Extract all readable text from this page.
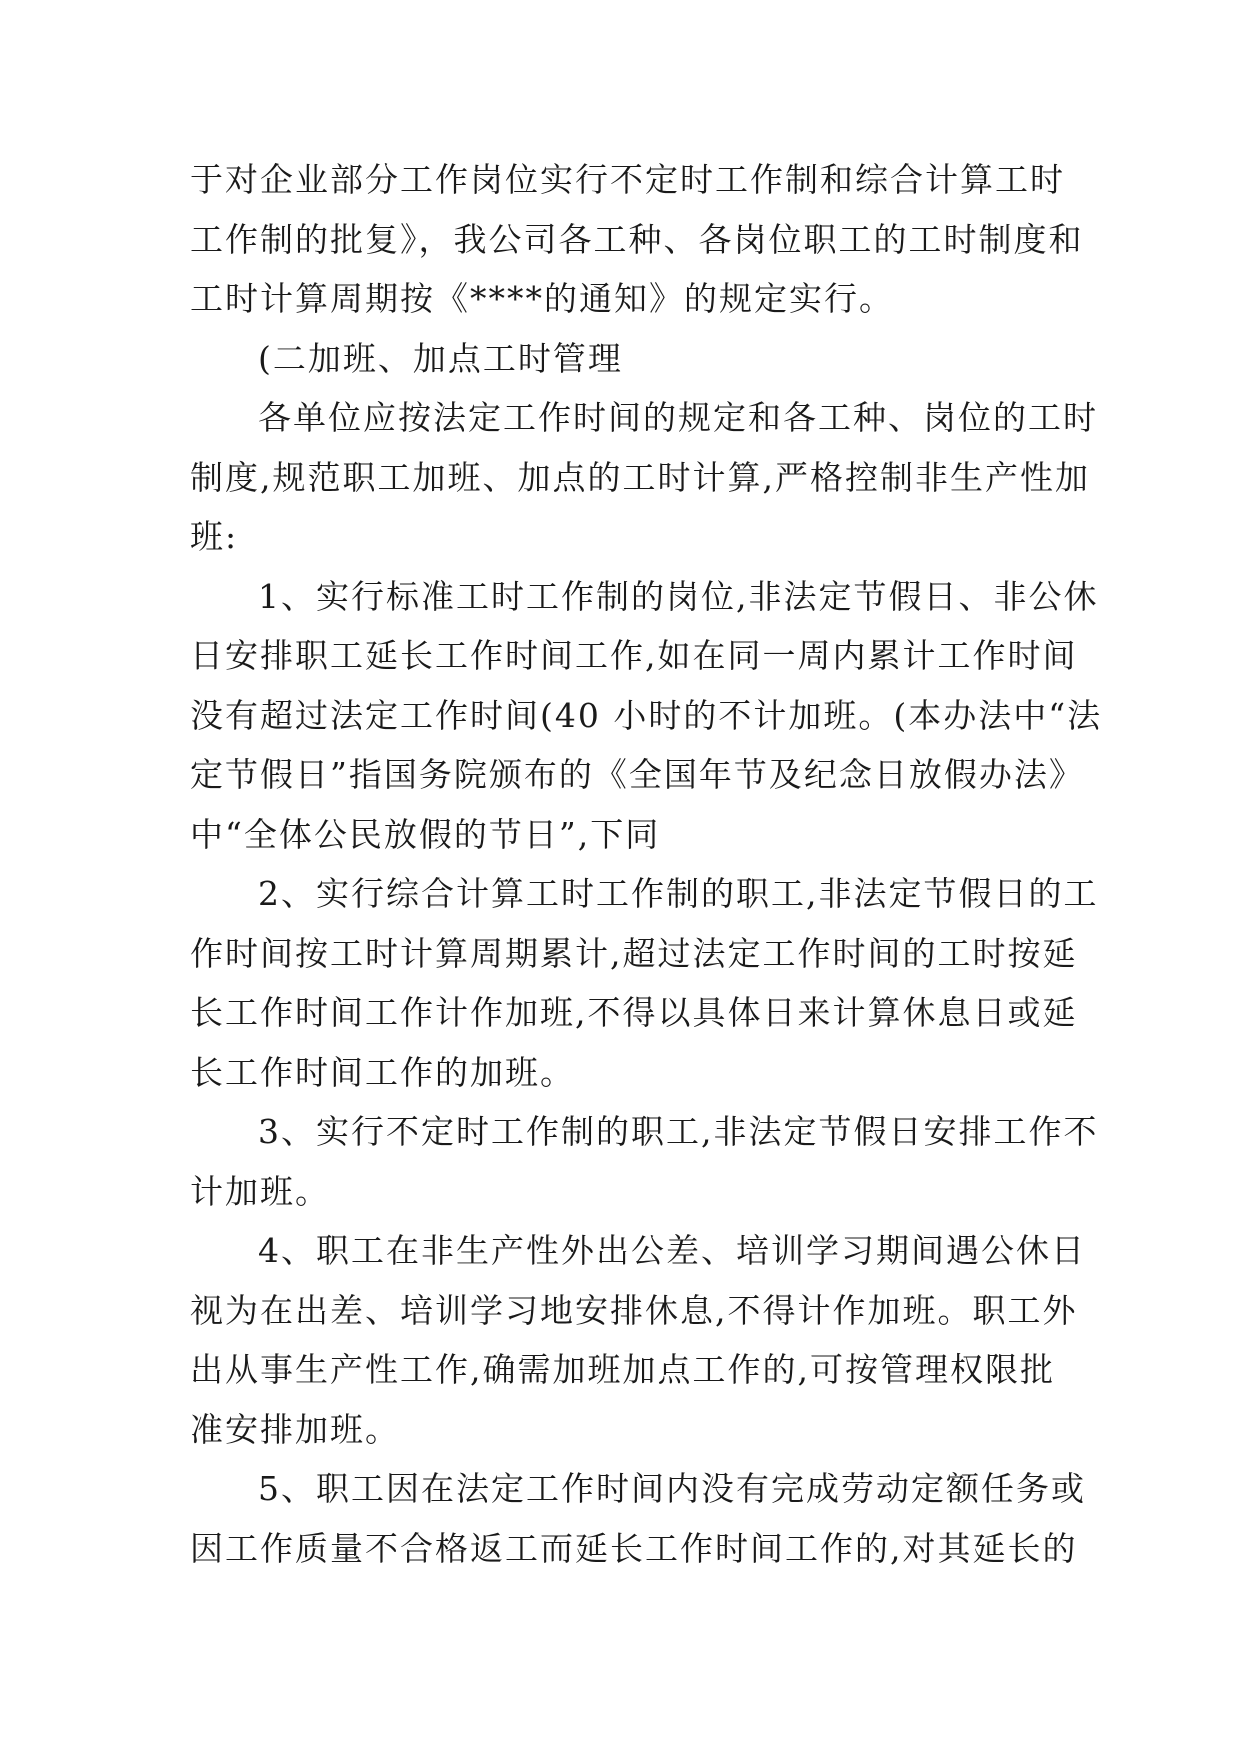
于对企业部分工作岗位实行不定时工作制和综合计算工时
工作制的批复》，我公司各工种、各岗位职工的工时制度和
工时计算周期按《****的通知》的规定实行。
(二加班、加点工时管理
各单位应按法定工作时间的规定和各工种、岗位的工时
制度,规范职工加班、加点的工时计算,严格控制非生产性加
班:
1、实行标准工时工作制的岗位,非法定节假日、非公休
日安排职工延长工作时间工作,如在同一周内累计工作时间
没有超过法定工作时间(40 小时的不计加班。(本办法中“法
定节假日”指国务院颁布的《全国年节及纪念日放假办法》
中“全体公民放假的节日”,下同
2、实行综合计算工时工作制的职工,非法定节假日的工
作时间按工时计算周期累计,超过法定工作时间的工时按延
长工作时间工作计作加班,不得以具体日来计算休息日或延
长工作时间工作的加班。
3、实行不定时工作制的职工,非法定节假日安排工作不
计加班。
4、职工在非生产性外出公差、培训学习期间遇公休日
视为在出差、培训学习地安排休息,不得计作加班。职工外
出从事生产性工作,确需加班加点工作的,可按管理权限批
准安排加班。
5、职工因在法定工作时间内没有完成劳动定额任务或
因工作质量不合格返工而延长工作时间工作的,对其延长的
